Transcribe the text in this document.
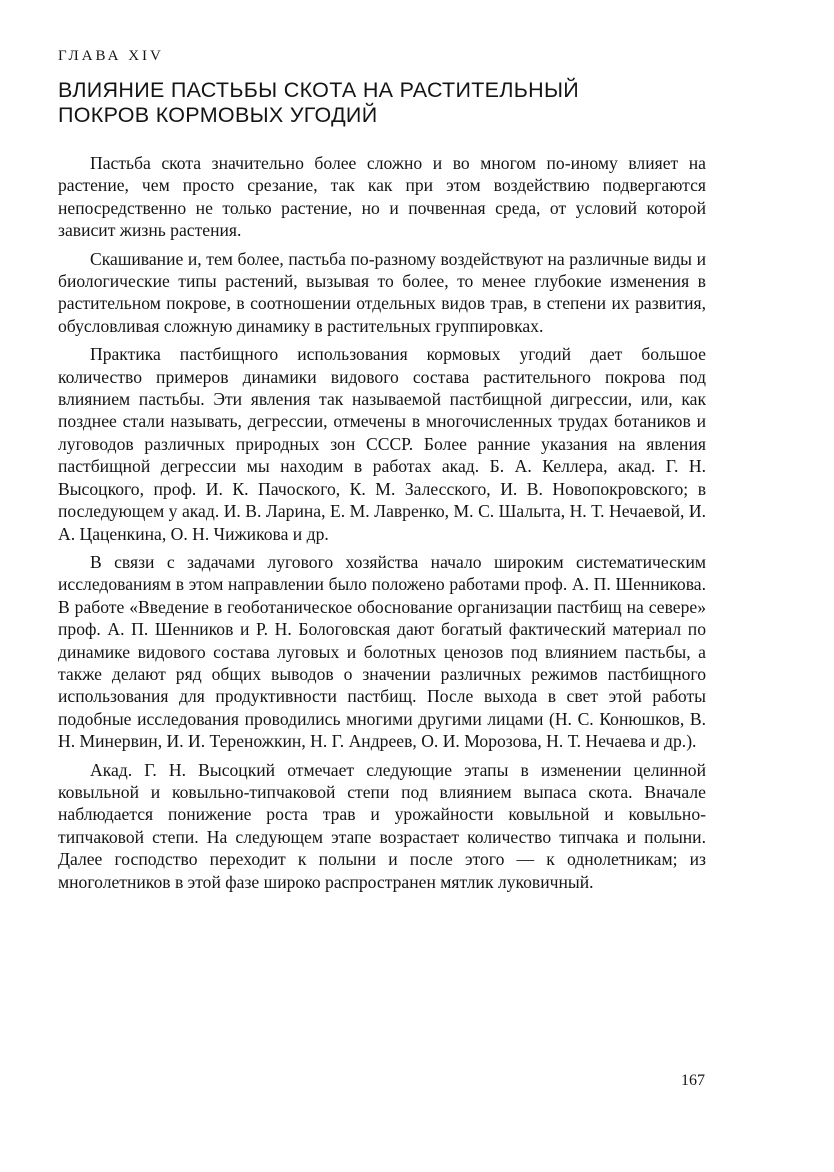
ГЛАВА XIV
ВЛИЯНИЕ ПАСТЬБЫ СКОТА НА РАСТИТЕЛЬНЫЙ
ПОКРОВ КОРМОВЫХ УГОДИЙ

Пастьба скота значительно более сложно и во многом по-иному влияет на растение, чем просто срезание, так как при этом воздействию подвергаются непосредственно не только растение, но и почвенная среда, от условий которой зависит жизнь растения.

Скашивание и, тем более, пастьба по-разному воздействуют на различные виды и биологические типы растений, вызывая то более, то менее глубокие изменения в растительном покрове, в соотношении отдельных видов трав, в степени их развития, обусловливая сложную динамику в растительных группировках.

Практика пастбищного использования кормовых угодий дает большое количество примеров динамики видового состава растительного покрова под влиянием пастьбы. Эти явления так называемой пастбищной дигрессии, или, как позднее стали называть, дегрессии, отмечены в многочисленных трудах ботаников и луговодов различных природных зон СССР. Более ранние указания на явления пастбищной дегрессии мы находим в работах акад. Б. А. Келлера, акад. Г. Н. Высоцкого, проф. И. К. Пачоского, К. М. Залесского, И. В. Новопокровского; в последующем у акад. И. В. Ларина, Е. М. Лавренко, М. С. Шалыта, Н. Т. Нечаевой, И. А. Цаценкина, О. Н. Чижикова и др.

В связи с задачами лугового хозяйства начало широким систематическим исследованиям в этом направлении было положено работами проф. А. П. Шенникова. В работе «Введение в геоботаническое обоснование организации пастбищ на севере» проф. А. П. Шенников и Р. Н. Бологовская дают богатый фактический материал по динамике видового состава луговых и болотных ценозов под влиянием пастьбы, а также делают ряд общих выводов о значении различных режимов пастбищного использования для продуктивности пастбищ. После выхода в свет этой работы подобные исследования проводились многими другими лицами (Н. С. Конюшков, В. Н. Минервин, И. И. Тереножкин, Н. Г. Андреев, О. И. Морозова, Н. Т. Нечаева и др.).

Акад. Г. Н. Высоцкий отмечает следующие этапы в изменении целинной ковыльной и ковыльно-типчаковой степи под влиянием выпаса скота. Вначале наблюдается понижение роста трав и урожайности ковыльной и ковыльно-типчаковой степи. На следующем этапе возрастает количество типчака и полыни. Далее господство переходит к полыни и после этого — к однолетникам; из многолетников в этой фазе широко распространен мятлик луковичный.

167
